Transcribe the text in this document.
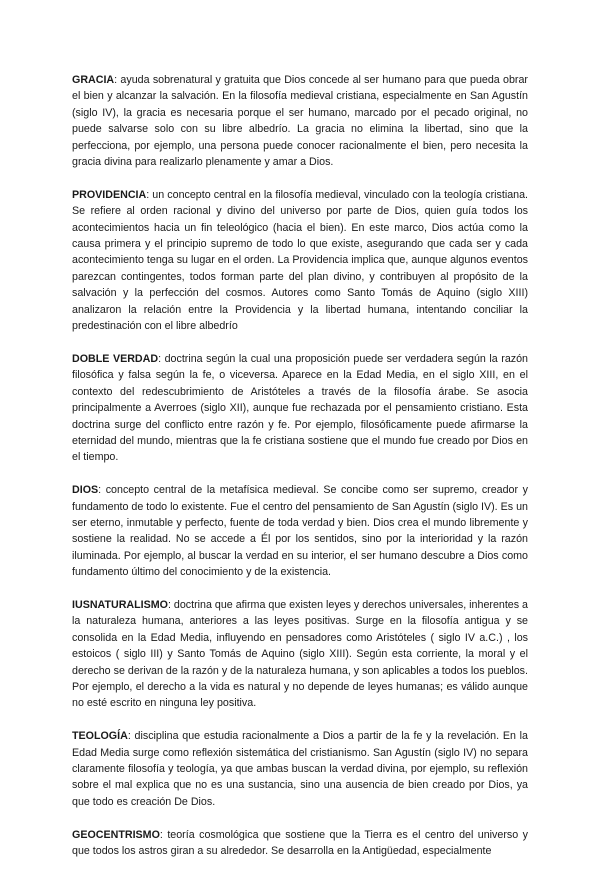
GRACIA: ayuda sobrenatural y gratuita que Dios concede al ser humano para que pueda obrar el bien y alcanzar la salvación. En la filosofía medieval cristiana, especialmente en San Agustín (siglo IV), la gracia es necesaria porque el ser humano, marcado por el pecado original, no puede salvarse solo con su libre albedrío. La gracia no elimina la libertad, sino que la perfecciona, por ejemplo, una persona puede conocer racionalmente el bien, pero necesita la gracia divina para realizarlo plenamente y amar a Dios.

PROVIDENCIA: un concepto central en la filosofía medieval, vinculado con la teología cristiana. Se refiere al orden racional y divino del universo por parte de Dios, quien guía todos los acontecimientos hacia un fin teleológico (hacia el bien). En este marco, Dios actúa como la causa primera y el principio supremo de todo lo que existe, asegurando que cada ser y cada acontecimiento tenga su lugar en el orden. La Providencia implica que, aunque algunos eventos parezcan contingentes, todos forman parte del plan divino, y contribuyen al propósito de la salvación y la perfección del cosmos. Autores como Santo Tomás de Aquino (siglo XIII) analizaron la relación entre la Providencia y la libertad humana, intentando conciliar la predestinación con el libre albedrío

DOBLE VERDAD: doctrina según la cual una proposición puede ser verdadera según la razón filosófica y falsa según la fe, o viceversa. Aparece en la Edad Media, en el siglo XIII, en el contexto del redescubrimiento de Aristóteles a través de la filosofía árabe. Se asocia principalmente a Averroes (siglo XII), aunque fue rechazada por el pensamiento cristiano. Esta doctrina surge del conflicto entre razón y fe. Por ejemplo, filosóficamente puede afirmarse la eternidad del mundo, mientras que la fe cristiana sostiene que el mundo fue creado por Dios en el tiempo.

DIOS: concepto central de la metafísica medieval. Se concibe como ser supremo, creador y fundamento de todo lo existente. Fue el centro del pensamiento de San Agustín (siglo IV). Es un ser eterno, inmutable y perfecto, fuente de toda verdad y bien. Dios crea el mundo libremente y sostiene la realidad. No se accede a Él por los sentidos, sino por la interioridad y la razón iluminada. Por ejemplo, al buscar la verdad en su interior, el ser humano descubre a Dios como fundamento último del conocimiento y de la existencia.

IUSNATURALISMO: doctrina que afirma que existen leyes y derechos universales, inherentes a la naturaleza humana, anteriores a las leyes positivas. Surge en la filosofía antigua y se consolida en la Edad Media, influyendo en pensadores como Aristóteles ( siglo IV a.C.) , los estoicos ( siglo III) y Santo Tomás de Aquino (siglo XIII). Según esta corriente, la moral y el derecho se derivan de la razón y de la naturaleza humana, y son aplicables a todos los pueblos. Por ejemplo, el derecho a la vida es natural y no depende de leyes humanas; es válido aunque no esté escrito en ninguna ley positiva.

TEOLOGÍA: disciplina que estudia racionalmente a Dios a partir de la fe y la revelación. En la Edad Media surge como reflexión sistemática del cristianismo. San Agustín (siglo IV) no separa claramente filosofía y teología, ya que ambas buscan la verdad divina, por ejemplo, su reflexión sobre el mal explica que no es una sustancia, sino una ausencia de bien creado por Dios, ya que todo es creación De Dios.

GEOCENTRISMO: teoría cosmológica que sostiene que la Tierra es el centro del universo y que todos los astros giran a su alrededor. Se desarrolla en la Antigüedad, especialmente
